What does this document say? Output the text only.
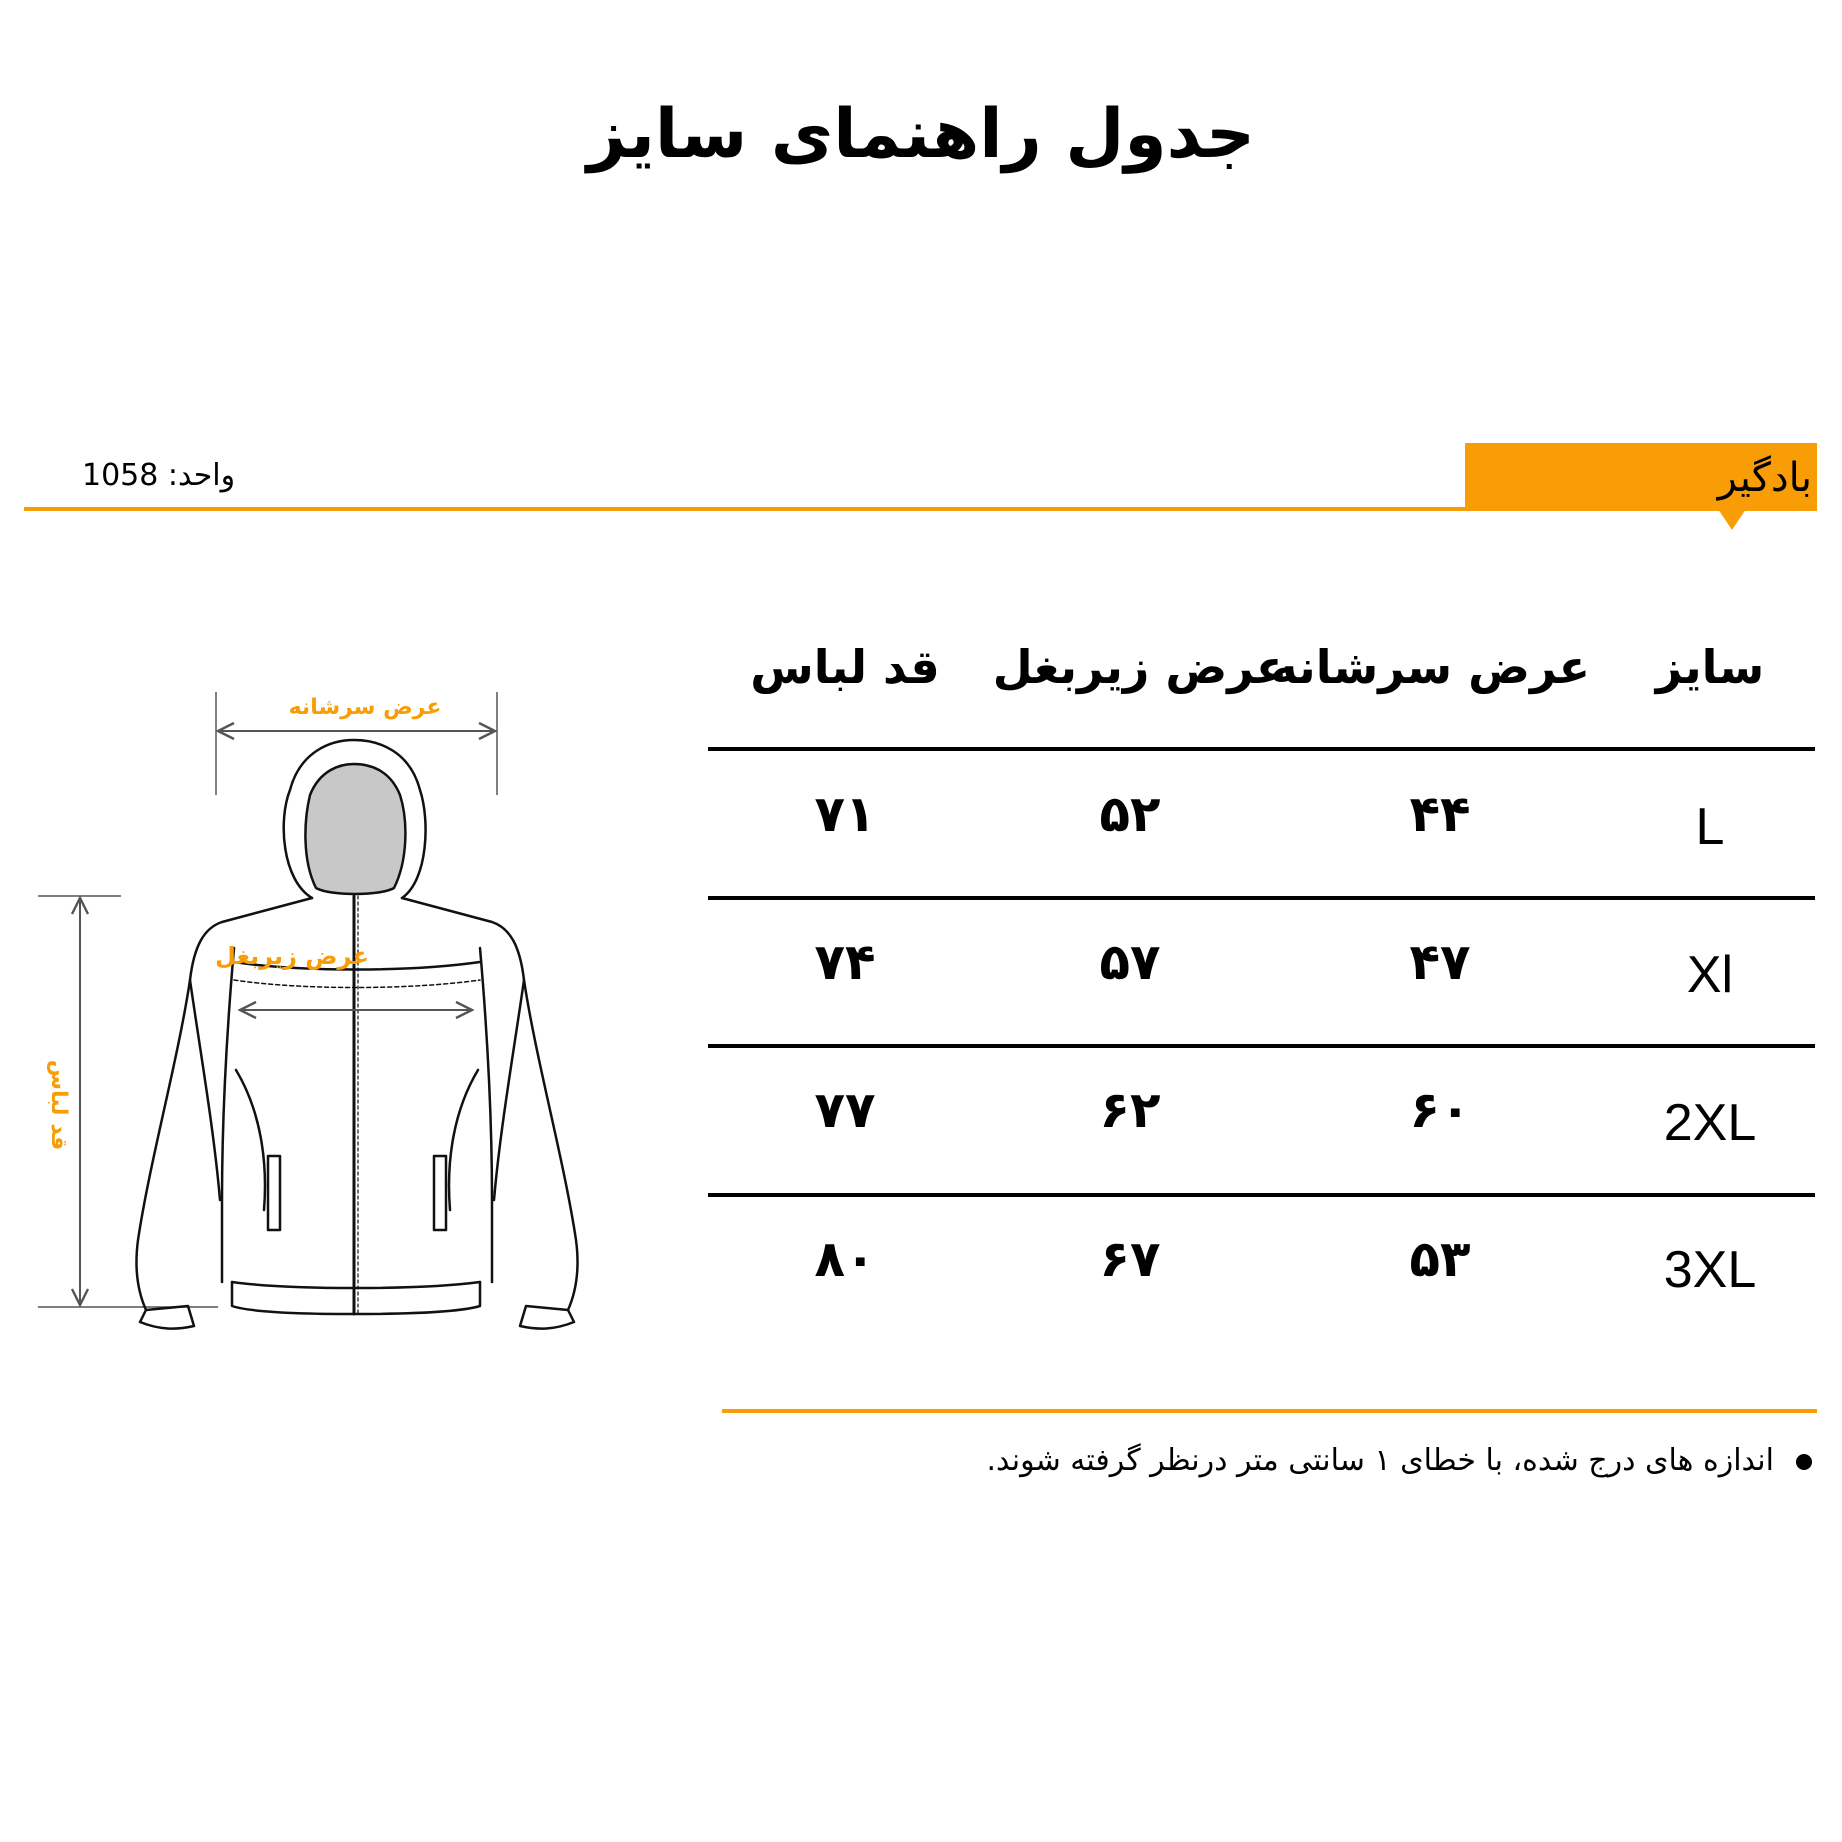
جدول راهنمای سایز
واحد: 1058	بادگیر
سایز
عرض سرشانه
عرض زیربغل
قد لباس
L
۴۴
۵۲
۷۱
Xl
۴۷
۵۷
۷۴
2XL
۶۰
۶۲
۷۷
3XL
۵۳
۶۷
۸۰
اندازه های درج شده، با خطای ۱ سانتی متر درنظر گرفته شوند.
عرض سرشانه
قد لباس
عرض زیربغل
